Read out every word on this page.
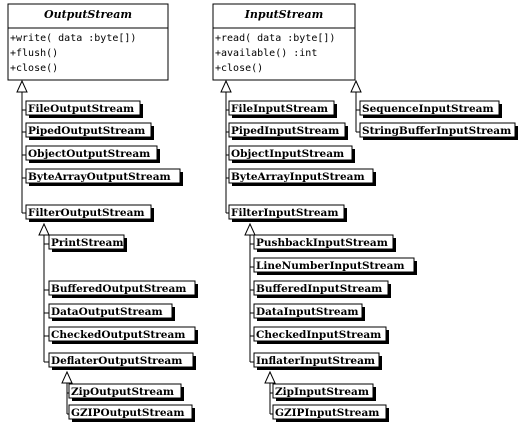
OutputStream
+write( data :byte[])
+flush()
+close()
InputStream
+read( data :byte[])
+available() :int
+close()
FileOutputStream
PipedOutputStream
ObjectOutputStream
ByteArrayOutputStream
FilterOutputStream
PrintStream
BufferedOutputStream
DataOutputStream
CheckedOutputStream
DeflaterOutputStream
ZipOutputStream
GZIPOutputStream
FileInputStream
PipedInputStream
ObjectInputStream
ByteArrayInputStream
FilterInputStream
SequenceInputStream
StringBufferInputStream
PushbackInputStream
LineNumberInputStream
BufferedInputStream
DataInputStream
CheckedInputStream
InflaterInputStream
ZipInputStream
GZIPInputStream
